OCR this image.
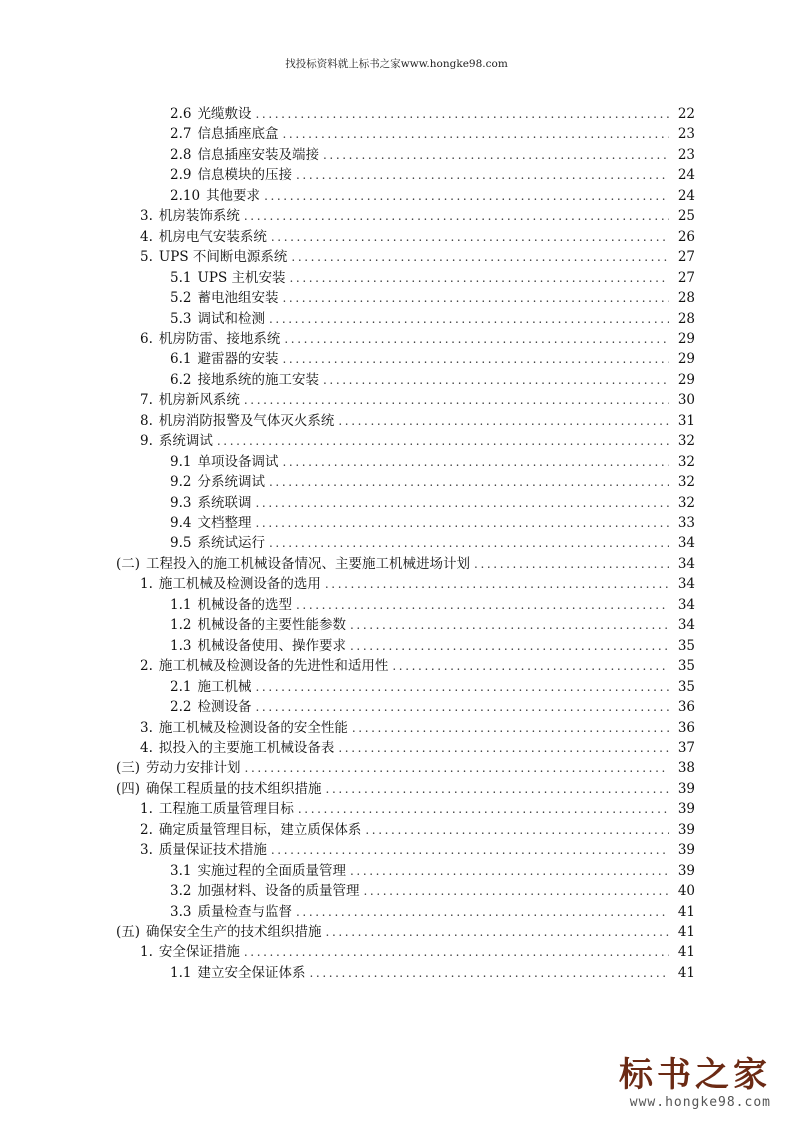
找投标资料就上标书之家www.hongke98.com
2.6 光缆敷设 .....	22
2.7 信息插座底盒 .....	23
2.8 信息插座安装及端接 .....	23
2.9 信息模块的压接 .....	24
2.10 其他要求 .....	24
3. 机房装饰系统 .....	25
4. 机房电气安装系统 .....	26
5. UPS 不间断电源系统 .....	27
5.1 UPS 主机安装 .....	27
5.2 蓄电池组安装 .....	28
5.3 调试和检测 .....	28
6. 机房防雷、接地系统 .....	29
6.1 避雷器的安装 .....	29
6.2 接地系统的施工安装 .....	29
7. 机房新风系统 .....	30
8. 机房消防报警及气体灭火系统 .....	31
9. 系统调试 .....	32
9.1 单项设备调试 .....	32
9.2 分系统调试 .....	32
9.3 系统联调 .....	32
9.4 文档整理 .....	33
9.5 系统试运行 .....	34
(二) 工程投入的施工机械设备情况、主要施工机械进场计划 .....	34
1. 施工机械及检测设备的选用 .....	34
1.1 机械设备的选型 .....	34
1.2 机械设备的主要性能参数 .....	34
1.3 机械设备使用、操作要求 .....	35
2. 施工机械及检测设备的先进性和适用性 .....	35
2.1 施工机械 .....	35
2.2 检测设备 .....	36
3. 施工机械及检测设备的安全性能 .....	36
4. 拟投入的主要施工机械设备表 .....	37
(三) 劳动力安排计划 .....	38
(四) 确保工程质量的技术组织措施 .....	39
1. 工程施工质量管理目标 .....	39
2. 确定质量管理目标，建立质保体系 .....	39
3. 质量保证技术措施 .....	39
3.1 实施过程的全面质量管理 .....	39
3.2 加强材料、设备的质量管理 .....	40
3.3 质量检查与监督 .....	41
(五) 确保安全生产的技术组织措施 .....	41
1. 安全保证措施 .....	41
1.1 建立安全保证体系 .....	41
标书之家
www.hongke98.com
